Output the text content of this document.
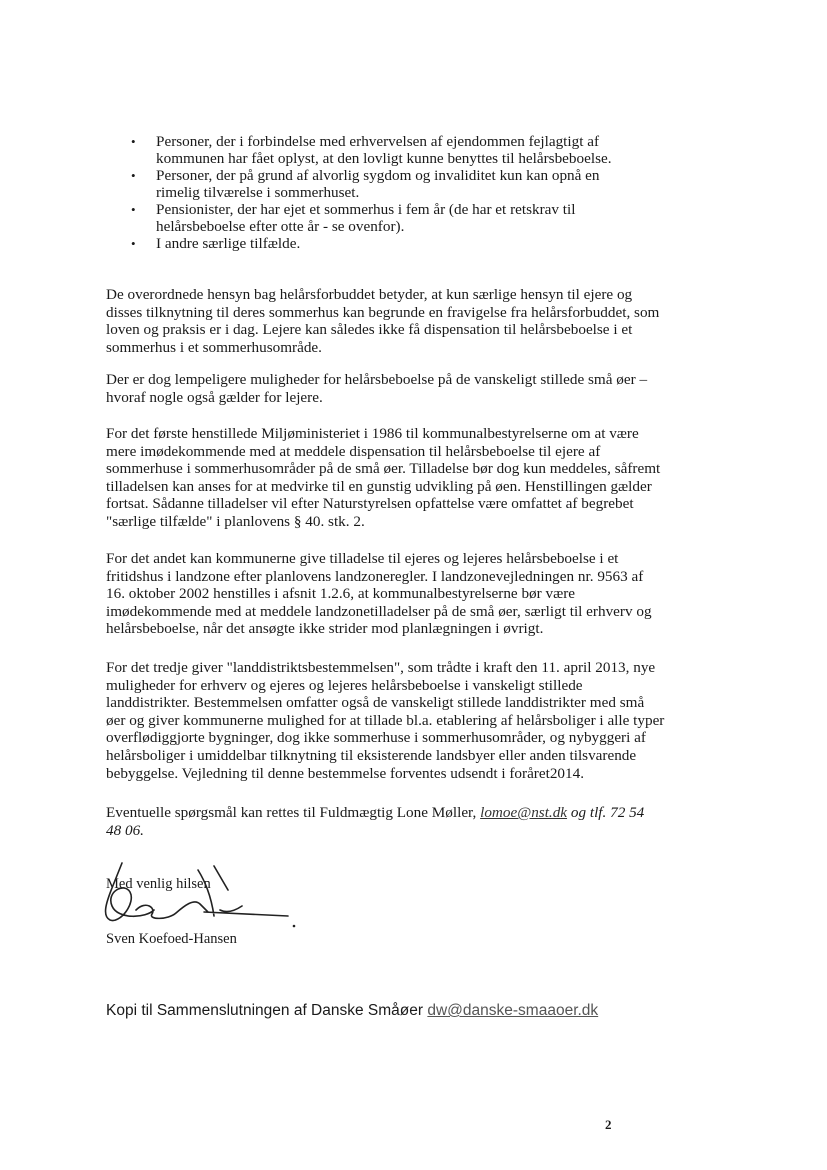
• Personer, der i forbindelse med erhvervelsen af ejendommen fejlagtigt af kommunen har fået oplyst, at den lovligt kunne benyttes til helårsbeboelse.
• Personer, der på grund af alvorlig sygdom og invaliditet kun kan opnå en rimelig tilværelse i sommerhuset.
• Pensionister, der har ejet et sommerhus i fem år (de har et retskrav til helårsbeboelse efter otte år - se ovenfor).
• I andre særlige tilfælde.

De overordnede hensyn bag helårsforbuddet betyder, at kun særlige hensyn til ejere og disses tilknytning til deres sommerhus kan begrunde en fravigelse fra helårsforbuddet, som loven og praksis er i dag. Lejere kan således ikke få dispensation til helårsbeboelse i et sommerhus i et sommerhusområde.

Der er dog lempeligere muligheder for helårsbeboelse på de vanskeligt stillede små øer – hvoraf nogle også gælder for lejere.

For det første henstillede Miljøministeriet i 1986 til kommunalbestyrelserne om at være mere imødekommende med at meddele dispensation til helårsbeboelse til ejere af sommerhuse i sommerhusområder på de små øer. Tilladelse bør dog kun meddeles, såfremt tilladelsen kan anses for at medvirke til en gunstig udvikling på øen. Henstillingen gælder fortsat. Sådanne tilladelser vil efter Naturstyrelsen opfattelse være omfattet af begrebet "særlige tilfælde" i planlovens § 40. stk. 2.

For det andet kan kommunerne give tilladelse til ejeres og lejeres helårsbeboelse i et fritidshus i landzone efter planlovens landzoneregler. I landzonevejledningen nr. 9563 af 16. oktober 2002 henstilles i afsnit 1.2.6, at kommunalbestyrelserne bør være imødekommende med at meddele landzonetilladelser på de små øer, særligt til erhverv og helårsbeboelse, når det ansøgte ikke strider mod planlægningen i øvrigt.

For det tredje giver "landdistriktsbestemmelsen", som trådte i kraft den 11. april 2013, nye muligheder for erhverv og ejeres og lejeres helårsbeboelse i vanskeligt stillede landdistrikter. Bestemmelsen omfatter også de vanskeligt stillede landdistrikter med små øer og giver kommunerne mulighed for at tillade bl.a. etablering af helårsboliger i alle typer overflødiggjorte bygninger, dog ikke sommerhuse i sommerhusområder, og nybyggeri af helårsboliger i umiddelbar tilknytning til eksisterende landsbyer eller anden tilsvarende bebyggelse. Vejledning til denne bestemmelse forventes udsendt i foråret2014.

Eventuelle spørgsmål kan rettes til Fuldmægtig Lone Møller, lomoe@nst.dk og tlf. 72 54 48 06.

Med venlig hilsen
Sven Koefoed-Hansen
Kopi til Sammenslutningen af Danske Småøer dw@danske-smaaoer.dk
2
